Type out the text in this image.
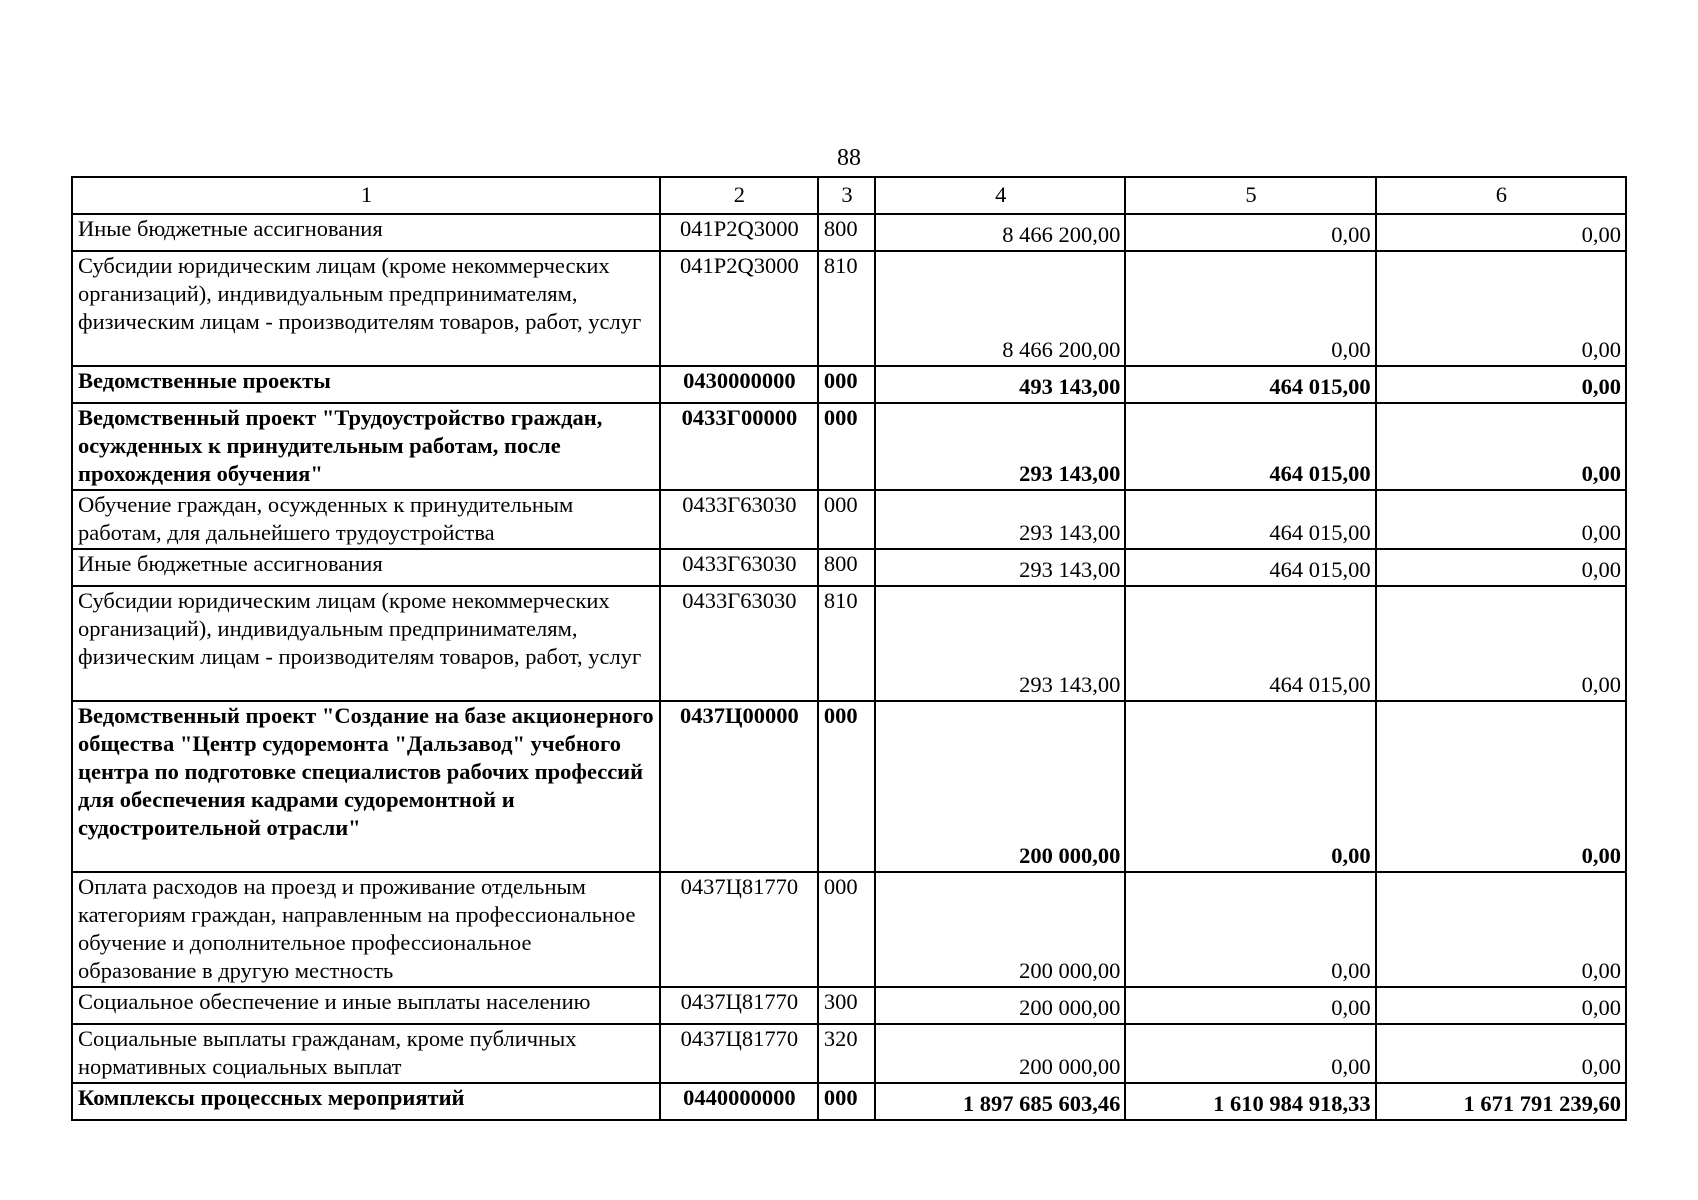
88
1	2	3	4	5	6
Иные бюджетные ассигнования	041P2Q3000	800	8 466 200,00	0,00	0,00
Субсидии юридическим лицам (кроме некоммерческих организаций), индивидуальным предпринимателям, физическим лицам - производителям товаров, работ, услуг	041P2Q3000	810	8 466 200,00	0,00	0,00
Ведомственные проекты	0430000000	000	493 143,00	464 015,00	0,00
Ведомственный проект "Трудоустройство граждан, осужденных к принудительным работам, после прохождения обучения"	0433Г00000	000	293 143,00	464 015,00	0,00
Обучение граждан, осужденных к принудительным работам, для дальнейшего трудоустройства	0433Г63030	000	293 143,00	464 015,00	0,00
Иные бюджетные ассигнования	0433Г63030	800	293 143,00	464 015,00	0,00
Субсидии юридическим лицам (кроме некоммерческих организаций), индивидуальным предпринимателям, физическим лицам - производителям товаров, работ, услуг	0433Г63030	810	293 143,00	464 015,00	0,00
Ведомственный проект "Создание на базе акционерного общества "Центр судоремонта "Дальзавод" учебного центра по подготовке специалистов рабочих профессий для обеспечения кадрами судоремонтной и судостроительной отрасли"	0437Ц00000	000	200 000,00	0,00	0,00
Оплата расходов на проезд и проживание отдельным категориям граждан, направленным на профессиональное обучение и дополнительное профессиональное образование в другую местность	0437Ц81770	000	200 000,00	0,00	0,00
Социальное обеспечение и иные выплаты населению	0437Ц81770	300	200 000,00	0,00	0,00
Социальные выплаты гражданам, кроме публичных нормативных социальных выплат	0437Ц81770	320	200 000,00	0,00	0,00
Комплексы процессных мероприятий	0440000000	000	1 897 685 603,46	1 610 984 918,33	1 671 791 239,60
